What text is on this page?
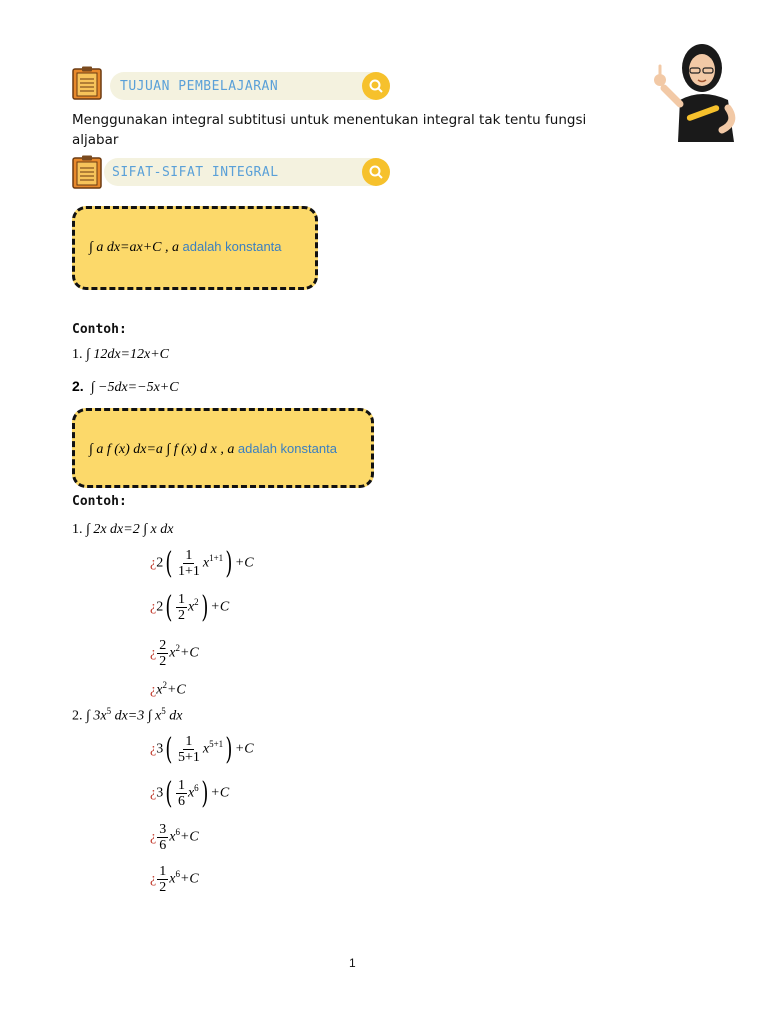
TUJUAN PEMBELAJARAN
Menggunakan integral subtitusi untuk menentukan integral tak tentu fungsi aljabar
SIFAT-SIFAT INTEGRAL
∫ a dx=ax+C , a adalah konstanta
Contoh:
1. ∫ 12dx=12x+C
2. ∫ −5dx=−5x+C
∫ a f (x) dx=a ∫ f (x) d x , a adalah konstanta
Contoh:
1. ∫ 2x dx=2 ∫ x dx
¿$2( \frac{1}{1+1} x^{1+1}) +C$
¿$2( \frac{1}{2} x^2) +C$
¿ $\frac{2}{2} x^2+C$
¿$x^2+C$
2. ∫ $3x^5$ dx=3 ∫ $x^5$ dx
¿$3( \frac{1}{5+1} x^{5+1}) +C$
¿$3( \frac{1}{6} x^6) +C$
¿ $\frac{3}{6} x^6+C$
¿ $\frac{1}{2} x^6+C$
1
